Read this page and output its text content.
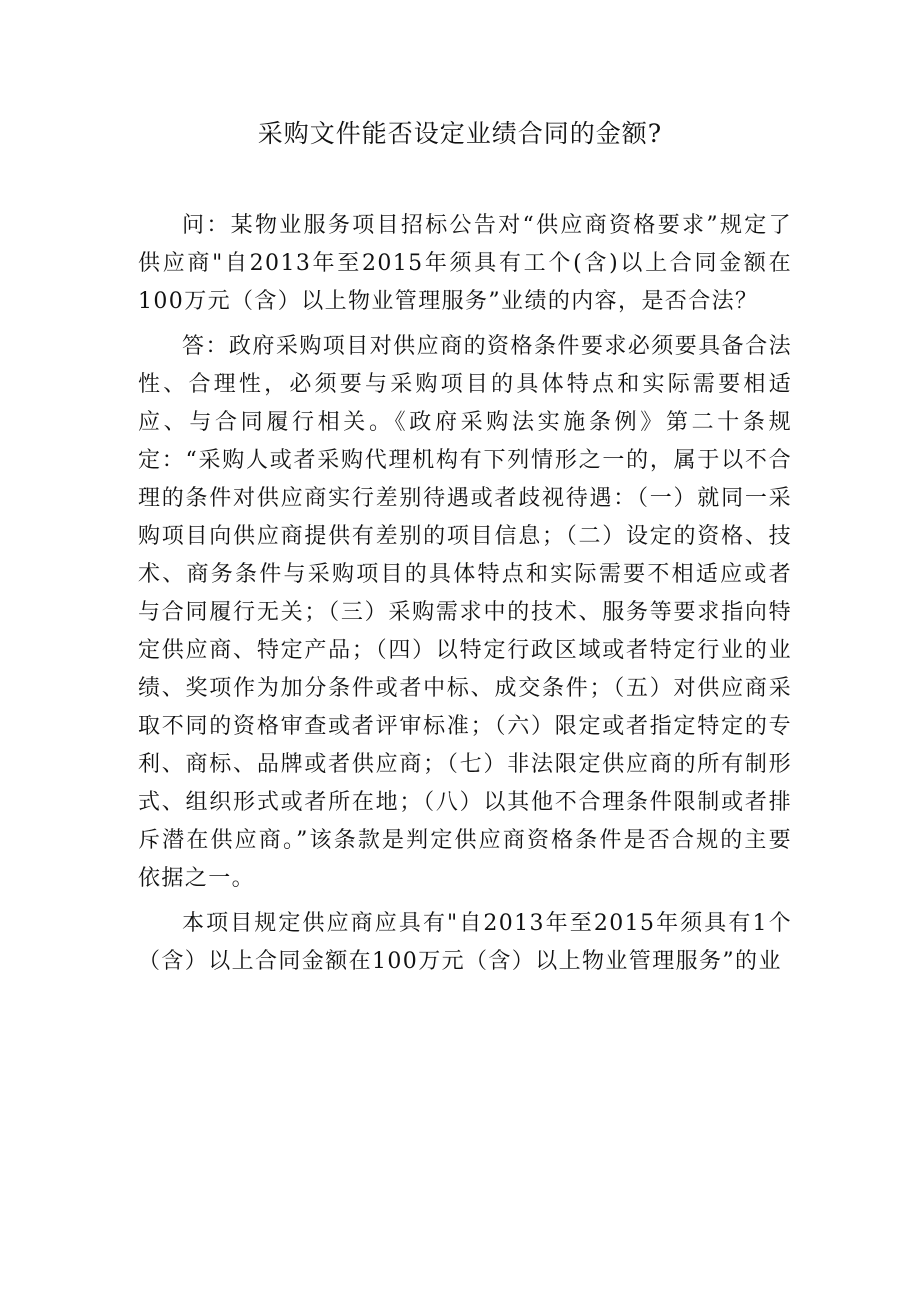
采购文件能否设定业绩合同的金额?

问：某物业服务项目招标公告对“供应商资格要求”规定了供应商"自2013年至2015年须具有工个(含)以上合同金额在100万元（含）以上物业管理服务”业绩的内容，是否合法？

答：政府采购项目对供应商的资格条件要求必须要具备合法性、合理性，必须要与采购项目的具体特点和实际需要相适应、与合同履行相关。《政府采购法实施条例》第二十条规定：“采购人或者采购代理机构有下列情形之一的，属于以不合理的条件对供应商实行差别待遇或者歧视待遇：（一）就同一采购项目向供应商提供有差别的项目信息；（二）设定的资格、技术、商务条件与采购项目的具体特点和实际需要不相适应或者与合同履行无关；（三）采购需求中的技术、服务等要求指向特定供应商、特定产品；（四）以特定行政区域或者特定行业的业绩、奖项作为加分条件或者中标、成交条件；（五）对供应商采取不同的资格审查或者评审标准；（六）限定或者指定特定的专利、商标、品牌或者供应商；（七）非法限定供应商的所有制形式、组织形式或者所在地；（八）以其他不合理条件限制或者排斥潜在供应商。”该条款是判定供应商资格条件是否合规的主要依据之一。

本项目规定供应商应具有"自2013年至2015年须具有1个（含）以上合同金额在100万元（含）以上物业管理服务”的业
